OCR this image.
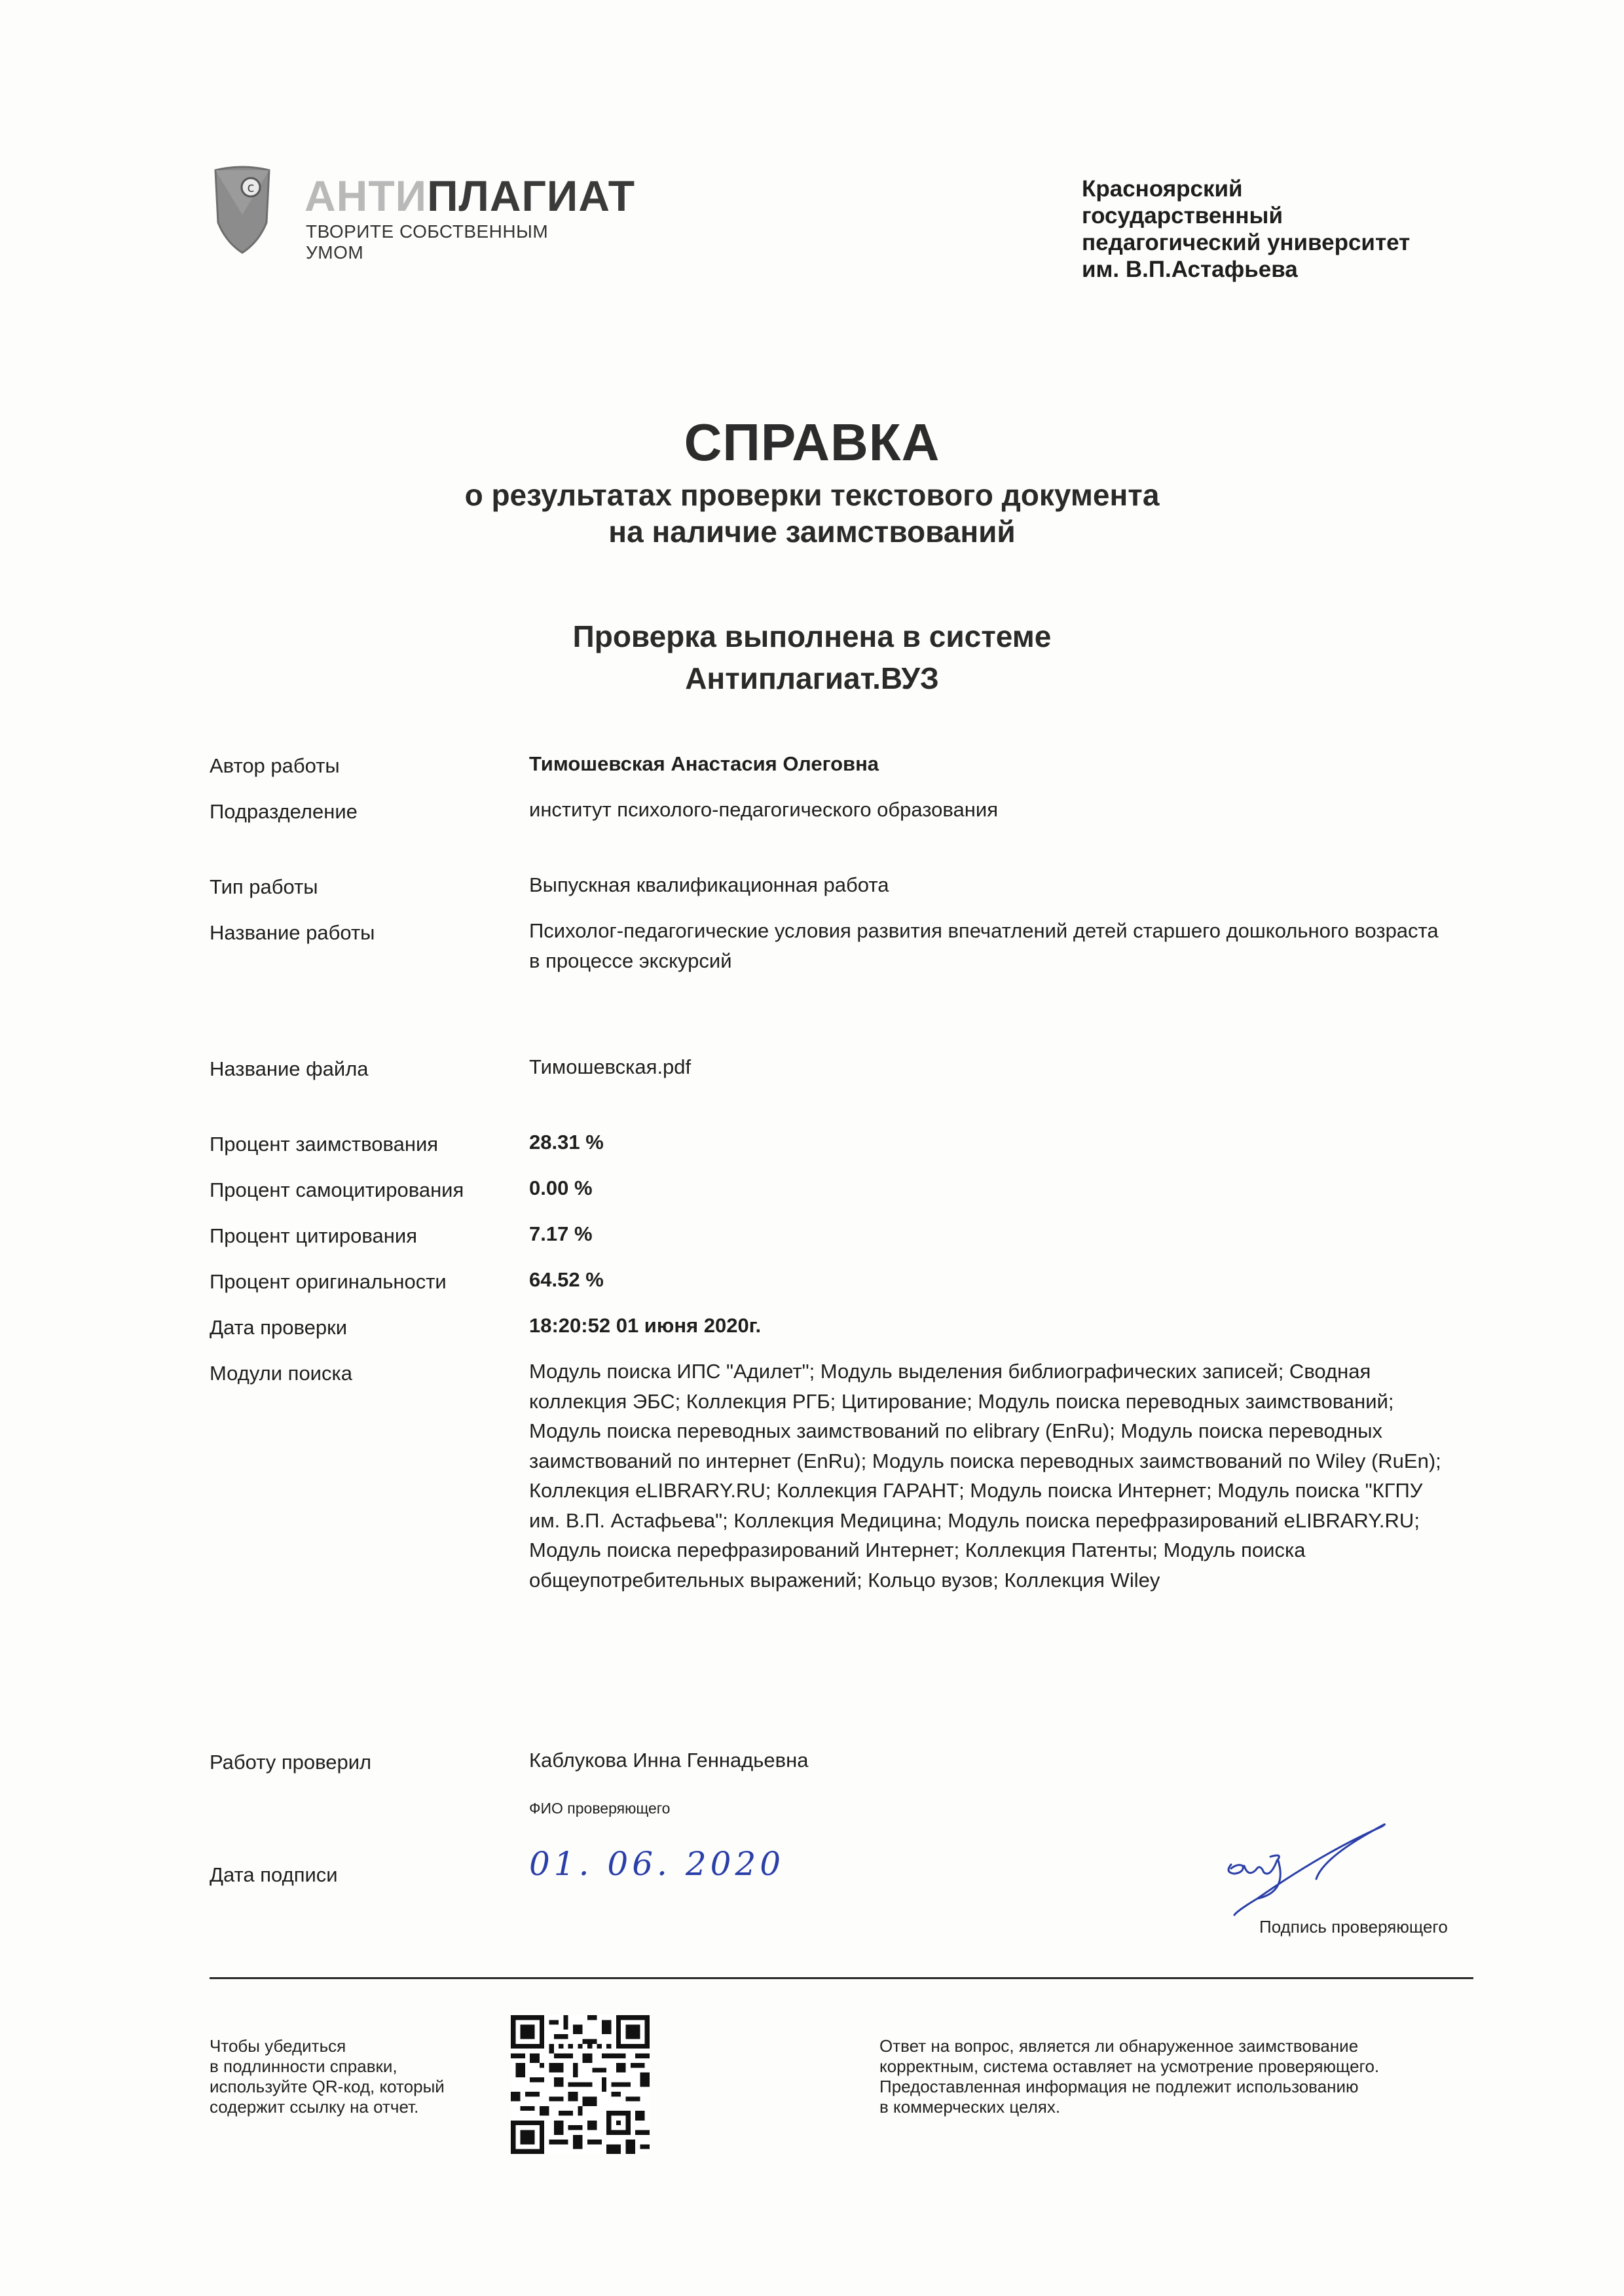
c АНТИПЛАГИАТ
ТВОРИТЕ СОБСТВЕННЫМ УМОМ
Красноярский
государственный
педагогический университет
им. В.П.Астафьева
СПРАВКА
о результатах проверки текстового документа
на наличие заимствований
Проверка выполнена в системе
Антиплагиат.ВУЗ
Автор работы	Тимошевская Анастасия Олеговна
Подразделение	институт психолого-педагогического образования
Тип работы	Выпускная квалификационная работа
Название работы	Психолог-педагогические условия развития впечатлений детей старшего дошкольного возраста в процессе экскурсий
Название файла	Тимошевская.pdf
Процент заимствования	28.31 %
Процент самоцитирования	0.00 %
Процент цитирования	7.17 %
Процент оригинальности	64.52 %
Дата проверки	18:20:52 01 июня 2020г.
Модули поиска	Модуль поиска ИПС "Адилет"; Модуль выделения библиографических записей; Сводная коллекция ЭБС; Коллекция РГБ; Цитирование; Модуль поиска переводных заимствований; Модуль поиска переводных заимствований по elibrary (EnRu); Модуль поиска переводных заимствований по интернет (EnRu); Модуль поиска переводных заимствований по Wiley (RuEn); Коллекция eLIBRARY.RU; Коллекция ГАРАНТ; Модуль поиска Интернет; Модуль поиска "КГПУ им. В.П. Астафьева"; Коллекция Медицина; Модуль поиска перефразирований eLIBRARY.RU; Модуль поиска перефразирований Интернет; Коллекция Патенты; Модуль поиска общеупотребительных выражений; Кольцо вузов; Коллекция Wiley
Работу проверил	Каблукова Инна Геннадьевна
ФИО проверяющего
Дата подписи	01. 06. 2020
Подпись проверяющего
Чтобы убедиться
в подлинности справки,
используйте QR-код, который
содержит ссылку на отчет.
Ответ на вопрос, является ли обнаруженное заимствование
корректным, система оставляет на усмотрение проверяющего.
Предоставленная информация не подлежит использованию
в коммерческих целях.
